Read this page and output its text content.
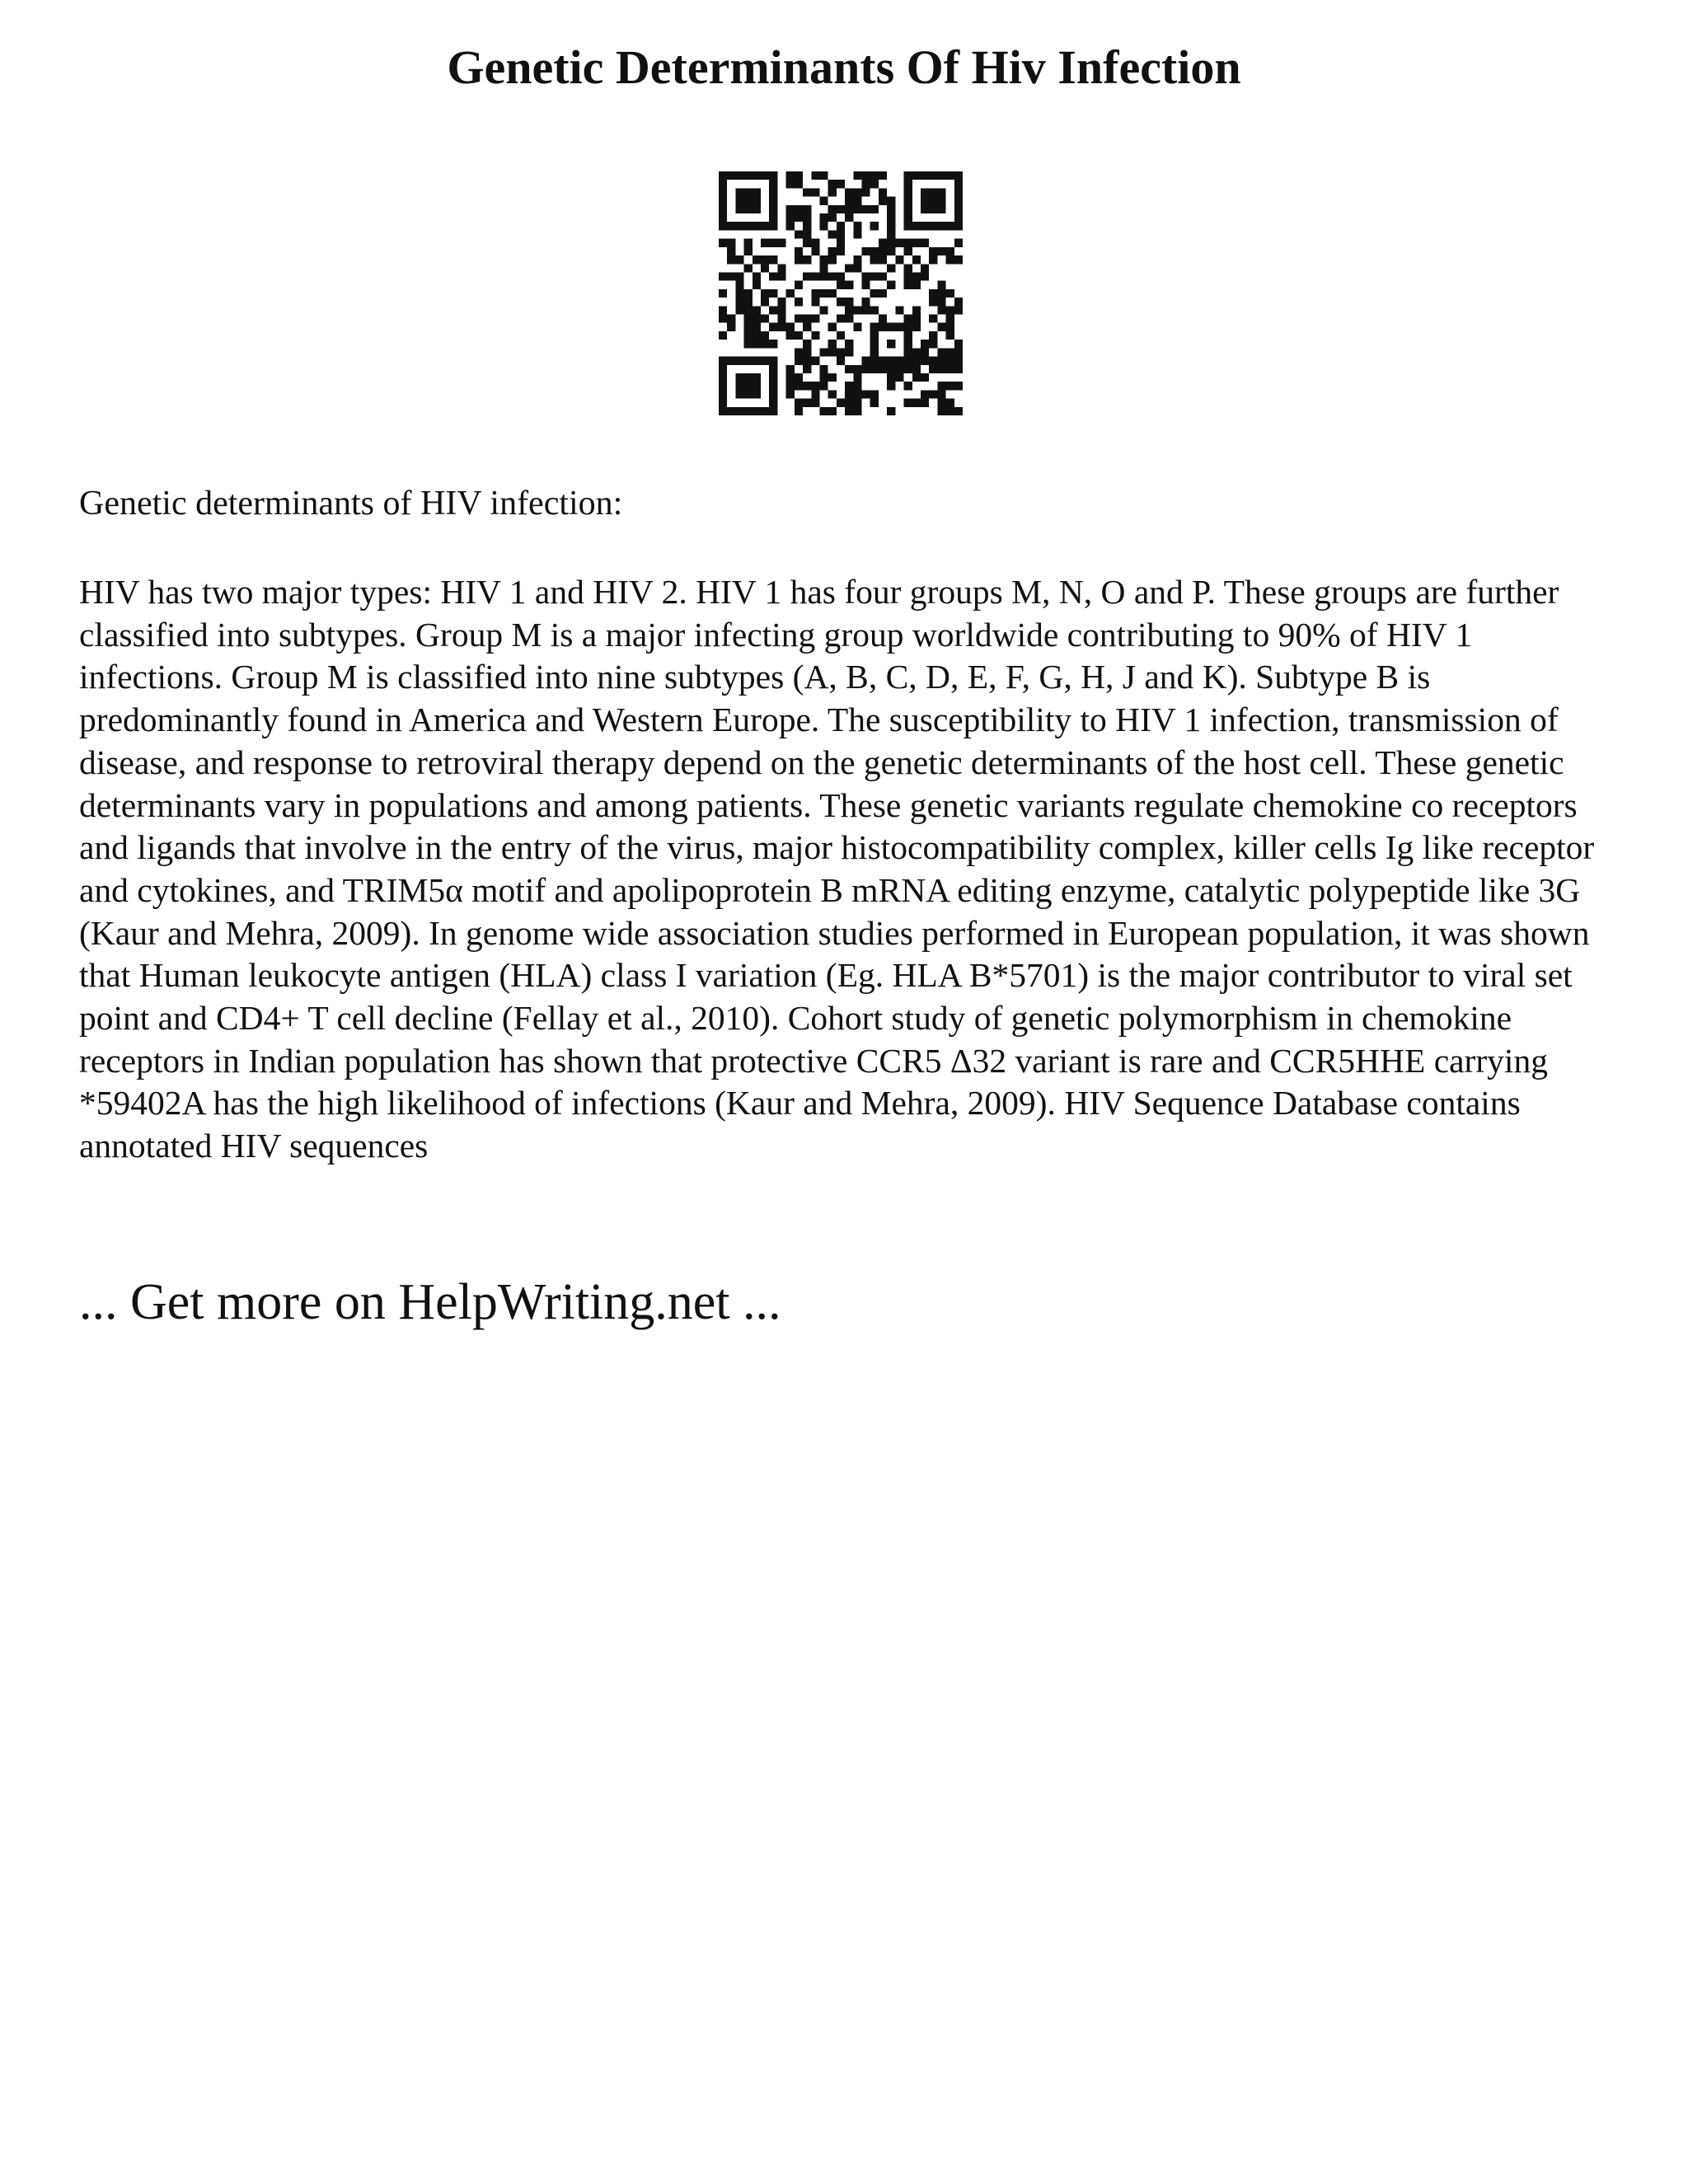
Genetic Determinants Of Hiv Infection

Genetic determinants of HIV infection:

HIV has two major types: HIV 1 and HIV 2. HIV 1 has four groups M, N, O and P. These groups are further classified into subtypes. Group M is a major infecting group worldwide contributing to 90% of HIV 1 infections. Group M is classified into nine subtypes (A, B, C, D, E, F, G, H, J and K). Subtype B is predominantly found in America and Western Europe. The susceptibility to HIV 1 infection, transmission of disease, and response to retroviral therapy depend on the genetic determinants of the host cell. These genetic determinants vary in populations and among patients. These genetic variants regulate chemokine co receptors and ligands that involve in the entry of the virus, major histocompatibility complex, killer cells Ig like receptor and cytokines, and TRIM5α motif and apolipoprotein B mRNA editing enzyme, catalytic polypeptide like 3G (Kaur and Mehra, 2009). In genome wide association studies performed in European population, it was shown that Human leukocyte antigen (HLA) class I variation (Eg. HLA B*5701) is the major contributor to viral set point and CD4+ T cell decline (Fellay et al., 2010). Cohort study of genetic polymorphism in chemokine receptors in Indian population has shown that protective CCR5 Δ32 variant is rare and CCR5HHE carrying *59402A has the high likelihood of infections (Kaur and Mehra, 2009). HIV Sequence Database contains annotated HIV sequences

... Get more on HelpWriting.net ...
